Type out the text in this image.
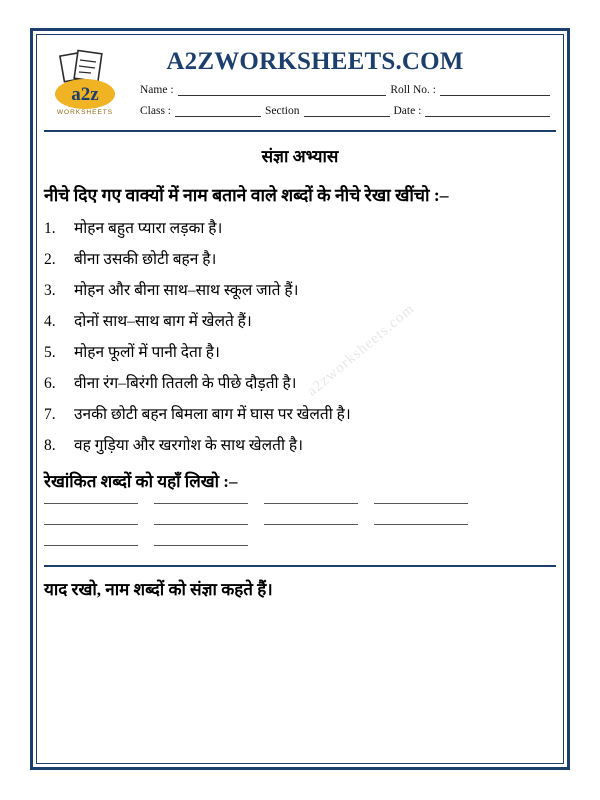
a2z
WORKSHEETS
A2ZWORKSHEETS.COM
Name :	Roll No. :
Class :	Section	Date :
संज्ञा अभ्यास
नीचे दिए गए वाक्यों में नाम बताने वाले शब्दों के नीचे रेखा खींचो :–
1.	मोहन बहुत प्यारा लड़का है।
2.	बीना उसकी छोटी बहन है।
3.	मोहन और बीना साथ–साथ स्कूल जाते हैं।
4.	दोनों साथ–साथ बाग में खेलते हैं।
5.	मोहन फूलों में पानी देता है।
6.	वीना रंग–बिरंगी तितली के पीछे दौड़ती है।
7.	उनकी छोटी बहन बिमला बाग में घास पर खेलती है।
8.	वह गुड़िया और खरगोश के साथ खेलती है।
रेखांकित शब्दों को यहाँ लिखो :–
याद रखो, नाम शब्दों को संज्ञा कहते हैं।
a2zworksheets.com
